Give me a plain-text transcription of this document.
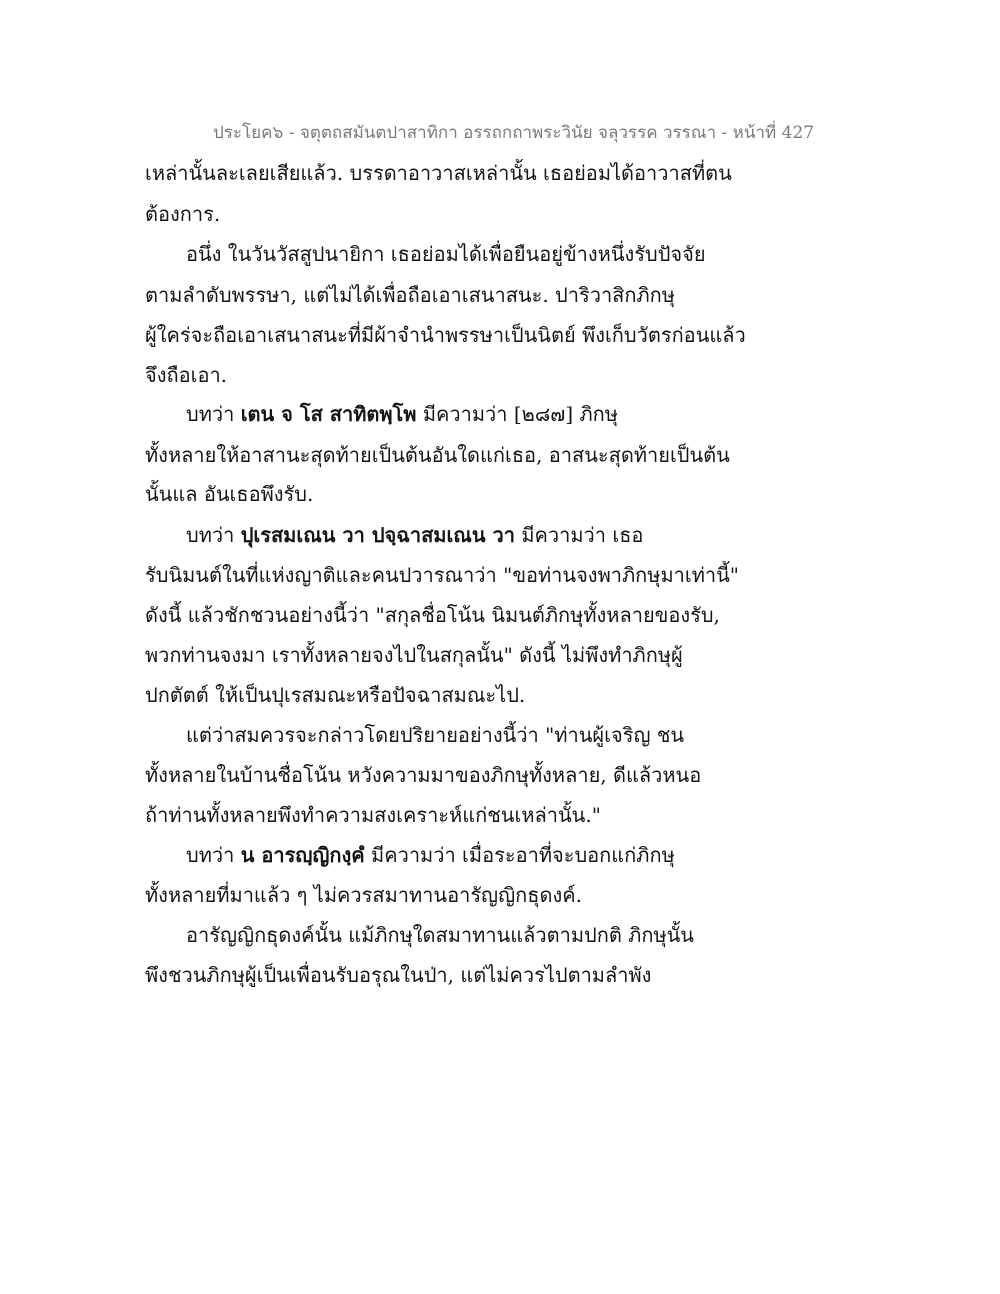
ประโยค๖ - จตุตถสมันตปาสาทิกา อรรถกถาพระวินัย จลุวรรค วรรณา - หน้าที่ 427
เหล่านั้นละเลยเสียแล้ว. บรรดาอาวาสเหล่านั้น เธอย่อมได้อาวาสที่ตน
ต้องการ.
อนึ่ง ในวันวัสสูปนายิกา เธอย่อมได้เพื่อยืนอยู่ข้างหนึ่งรับปัจจัย
ตามลำดับพรรษา, แต่ไม่ได้เพื่อถือเอาเสนาสนะ. ปาริวาสิกภิกษุ
ผู้ใคร่จะถือเอาเสนาสนะที่มีผ้าจำนำพรรษาเป็นนิตย์ พึงเก็บวัตรก่อนแล้ว
จึงถือเอา.
บทว่า เตน จ โส สาทิตพฺโพ มีความว่า [๒๘๗] ภิกษุ
ทั้งหลายให้อาสานะสุดท้ายเป็นต้นอันใดแก่เธอ, อาสนะสุดท้ายเป็นต้น
นั้นแล อันเธอพึงรับ.
บทว่า ปุเรสมเณน วา ปจฺฉาสมเณน วา มีความว่า เธอ
รับนิมนต์ในที่แห่งญาติและคนปวารณาว่า "ขอท่านจงพาภิกษุมาเท่านี้"
ดังนี้ แล้วชักชวนอย่างนี้ว่า "สกุลชื่อโน้น นิมนต์ภิกษุทั้งหลายของรับ,
พวกท่านจงมา เราทั้งหลายจงไปในสกุลนั้น" ดังนี้ ไม่พึงทำภิกษุผู้
ปกตัตต์ ให้เป็นปุเรสมณะหรือปัจฉาสมณะไป.
แต่ว่าสมควรจะกล่าวโดยปริยายอย่างนี้ว่า "ท่านผู้เจริญ ชน
ทั้งหลายในบ้านชื่อโน้น หวังความมาของภิกษุทั้งหลาย, ดีแล้วหนอ
ถ้าท่านทั้งหลายพึงทำความสงเคราะห์แก่ชนเหล่านั้น."
บทว่า น อารญฺญิกงฺคํ มีความว่า เมื่อระอาที่จะบอกแก่ภิกษุ
ทั้งหลายที่มาแล้ว ๆ ไม่ควรสมาทานอารัญญิกธุดงค์.
อารัญญิกธุดงค์นั้น แม้ภิกษุใดสมาทานแล้วตามปกติ ภิกษุนั้น
พึงชวนภิกษุผู้เป็นเพื่อนรับอรุณในป่า, แต่ไม่ควรไปตามลำพัง
